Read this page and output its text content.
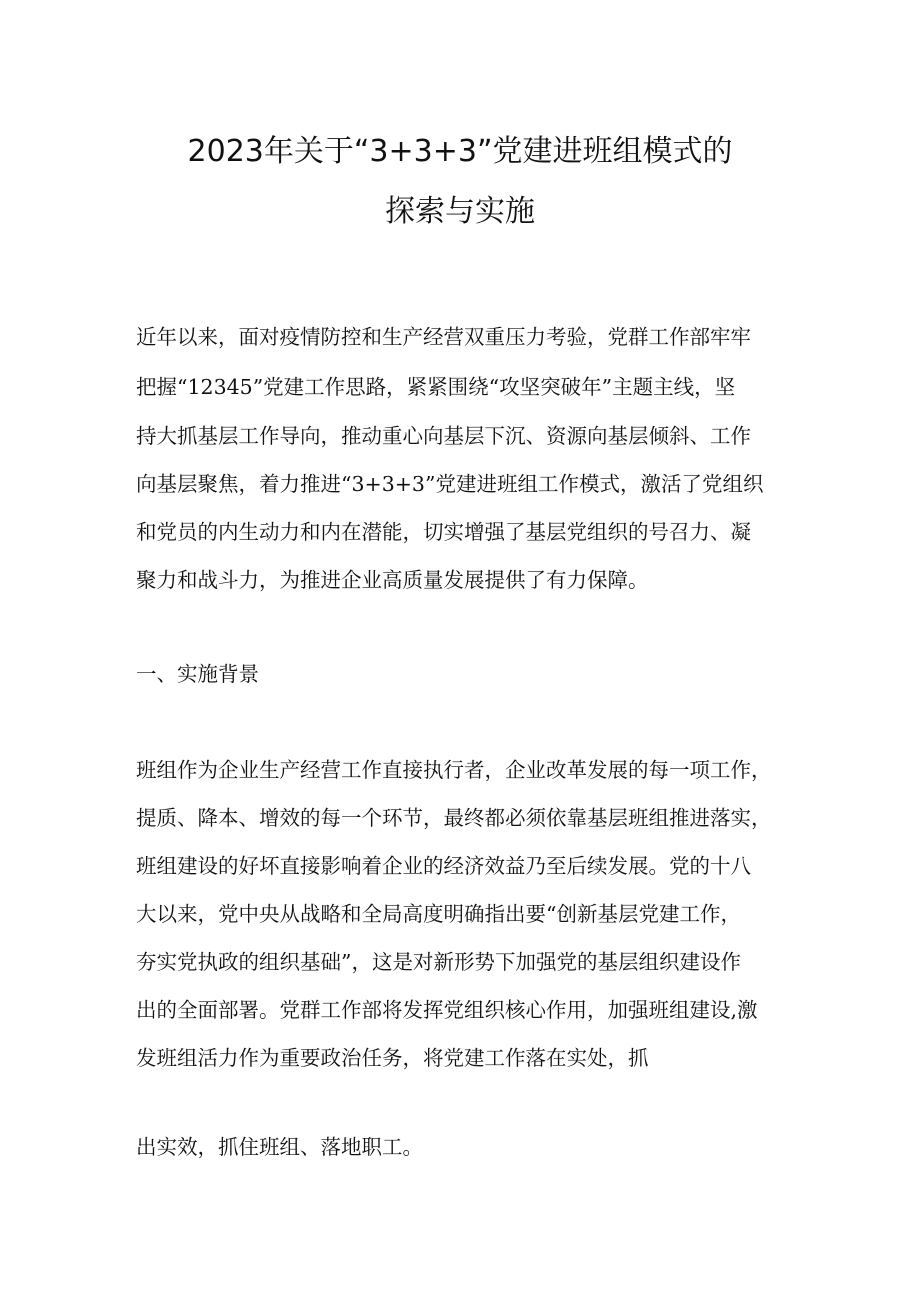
2023年关于“3+3+3”党建进班组模式的
探索与实施
近年以来，面对疫情防控和生产经营双重压力考验，党群工作部牢牢
把握“12345”党建工作思路，紧紧围绕“攻坚突破年”主题主线，坚
持大抓基层工作导向，推动重心向基层下沉、资源向基层倾斜、工作
向基层聚焦，着力推进“3+3+3”党建进班组工作模式，激活了党组织
和党员的内生动力和内在潜能，切实增强了基层党组织的号召力、凝
聚力和战斗力，为推进企业高质量发展提供了有力保障。
一、实施背景
班组作为企业生产经营工作直接执行者，企业改革发展的每一项工作，
提质、降本、增效的每一个环节，最终都必须依靠基层班组推进落实，
班组建设的好坏直接影响着企业的经济效益乃至后续发展。党的十八
大以来，党中央从战略和全局高度明确指出要“创新基层党建工作，
夯实党执政的组织基础”，这是对新形势下加强党的基层组织建设作
出的全面部署。党群工作部将发挥党组织核心作用，加强班组建设,激
发班组活力作为重要政治任务，将党建工作落在实处，抓
出实效，抓住班组、落地职工。
